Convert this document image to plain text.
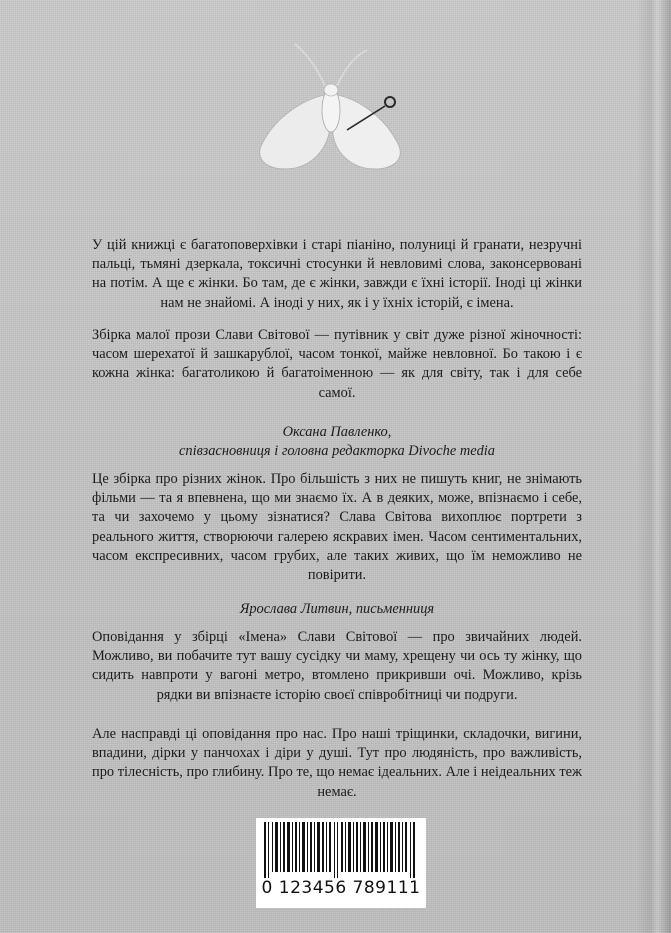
У цій книжці є багатоповерхівки і старі піаніно, полуниці й гранати, незручні пальці, тьмяні дзеркала, токсичні стосунки й невловимі слова, законсервовані на потім. А ще є жінки. Бо там, де є жінки, завжди є їхні історії. Іноді ці жінки нам не знайомі. А іноді у них, як і у їхніх історій, є імена.
Збірка малої прози Слави Світової — путівник у світ дуже різної жіночності: часом шерехатої й зашкарублої, часом тонкої, майже невловної. Бо такою і є кожна жінка: багатоликою й багатоіменною — як для світу, так і для себе самої.
Оксана Павленко,
співзасновниця і головна редакторка Divoche media
Це збірка про різних жінок. Про більшість з них не пишуть книг, не знімають фільми — та я впевнена, що ми знаємо їх. А в деяких, може, впізнаємо і себе, та чи захочемо у цьому зізнатися? Слава Світова вихоплює портрети з реального життя, створюючи галерею яскравих імен. Часом сентиментальних, часом експресивних, часом грубих, але таких живих, що їм неможливо не повірити.
Ярослава Литвин, письменниця
Оповідання у збірці «Імена» Слави Світової — про звичайних людей. Можливо, ви побачите тут вашу сусідку чи маму, хрещену чи ось ту жінку, що сидить навпроти у вагоні метро, втомлено прикривши очі. Можливо, крізь рядки ви впізнаєте історію своєї співробітниці чи подруги.
Але насправді ці оповідання про нас. Про наші тріщинки, складочки, вигини, впадини, дірки у панчохах і діри у душі. Тут про людяність, про важливість, про тілесність, про глибину. Про те, що немає ідеальних. Але і неідеальних теж немає.
0 123456 789111
